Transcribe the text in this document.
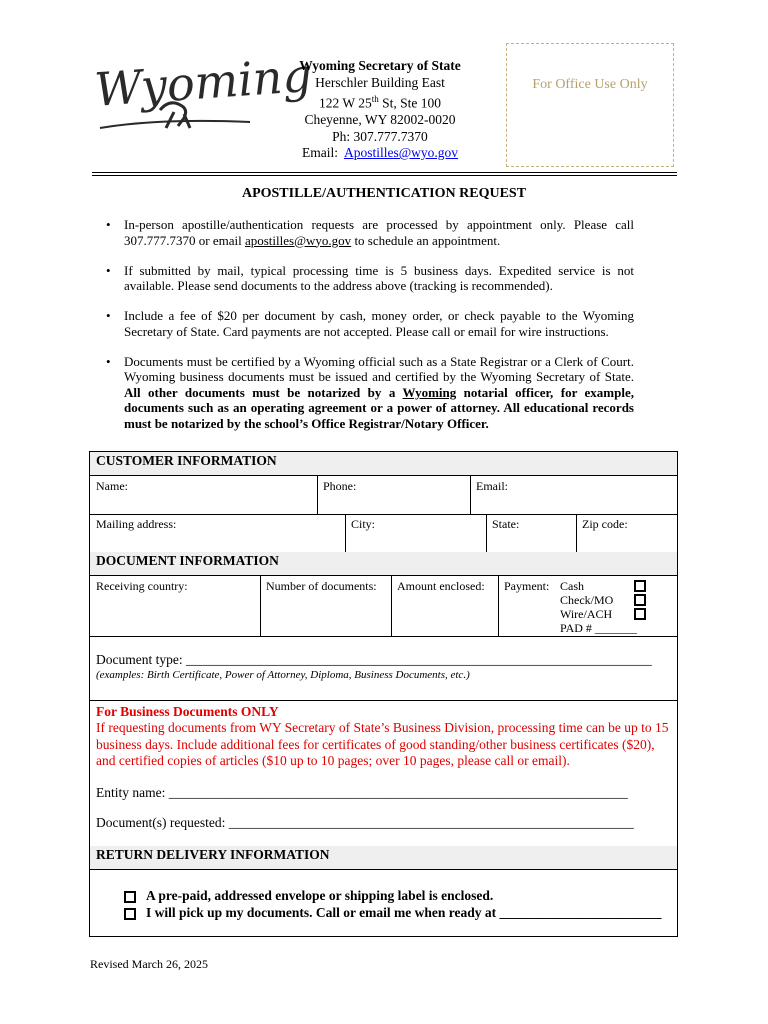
Wyoming
Wyoming Secretary of State
Herschler Building East
122 W 25th St, Ste 100
Cheyenne, WY 82002-0020
Ph: 307.777.7370
Email: Apostilles@wyo.gov
For Office Use Only
APOSTILLE/AUTHENTICATION REQUEST
• In-person apostille/authentication requests are processed by appointment only. Please call 307.777.7370 or email apostilles@wyo.gov to schedule an appointment.
• If submitted by mail, typical processing time is 5 business days. Expedited service is not available. Please send documents to the address above (tracking is recommended).
• Include a fee of $20 per document by cash, money order, or check payable to the Wyoming Secretary of State. Card payments are not accepted. Please call or email for wire instructions.
• Documents must be certified by a Wyoming official such as a State Registrar or a Clerk of Court. Wyoming business documents must be issued and certified by the Wyoming Secretary of State. All other documents must be notarized by a Wyoming notarial officer, for example, documents such as an operating agreement or a power of attorney. All educational records must be notarized by the school’s Office Registrar/Notary Officer.
CUSTOMER INFORMATION
Name:	Phone:	Email:
Mailing address:	City:	State:	Zip code:
DOCUMENT INFORMATION
Receiving country:	Number of documents:	Amount enclosed:	Payment: Cash
Check/MO
Wire/ACH
PAD # _______
Document type: _____________________________________________________________________
(examples: Birth Certificate, Power of Attorney, Diploma, Business Documents, etc.)
For Business Documents ONLY
If requesting documents from WY Secretary of State’s Business Division, processing time can be up to 15 business days. Include additional fees for certificates of good standing/other business certificates ($20), and certified copies of articles ($10 up to 10 pages; over 10 pages, please call or email).
Entity name: ____________________________________________________________________
Document(s) requested: ____________________________________________________________
RETURN DELIVERY INFORMATION
A pre-paid, addressed envelope or shipping label is enclosed.
I will pick up my documents. Call or email me when ready at ________________________
Revised March 26, 2025
